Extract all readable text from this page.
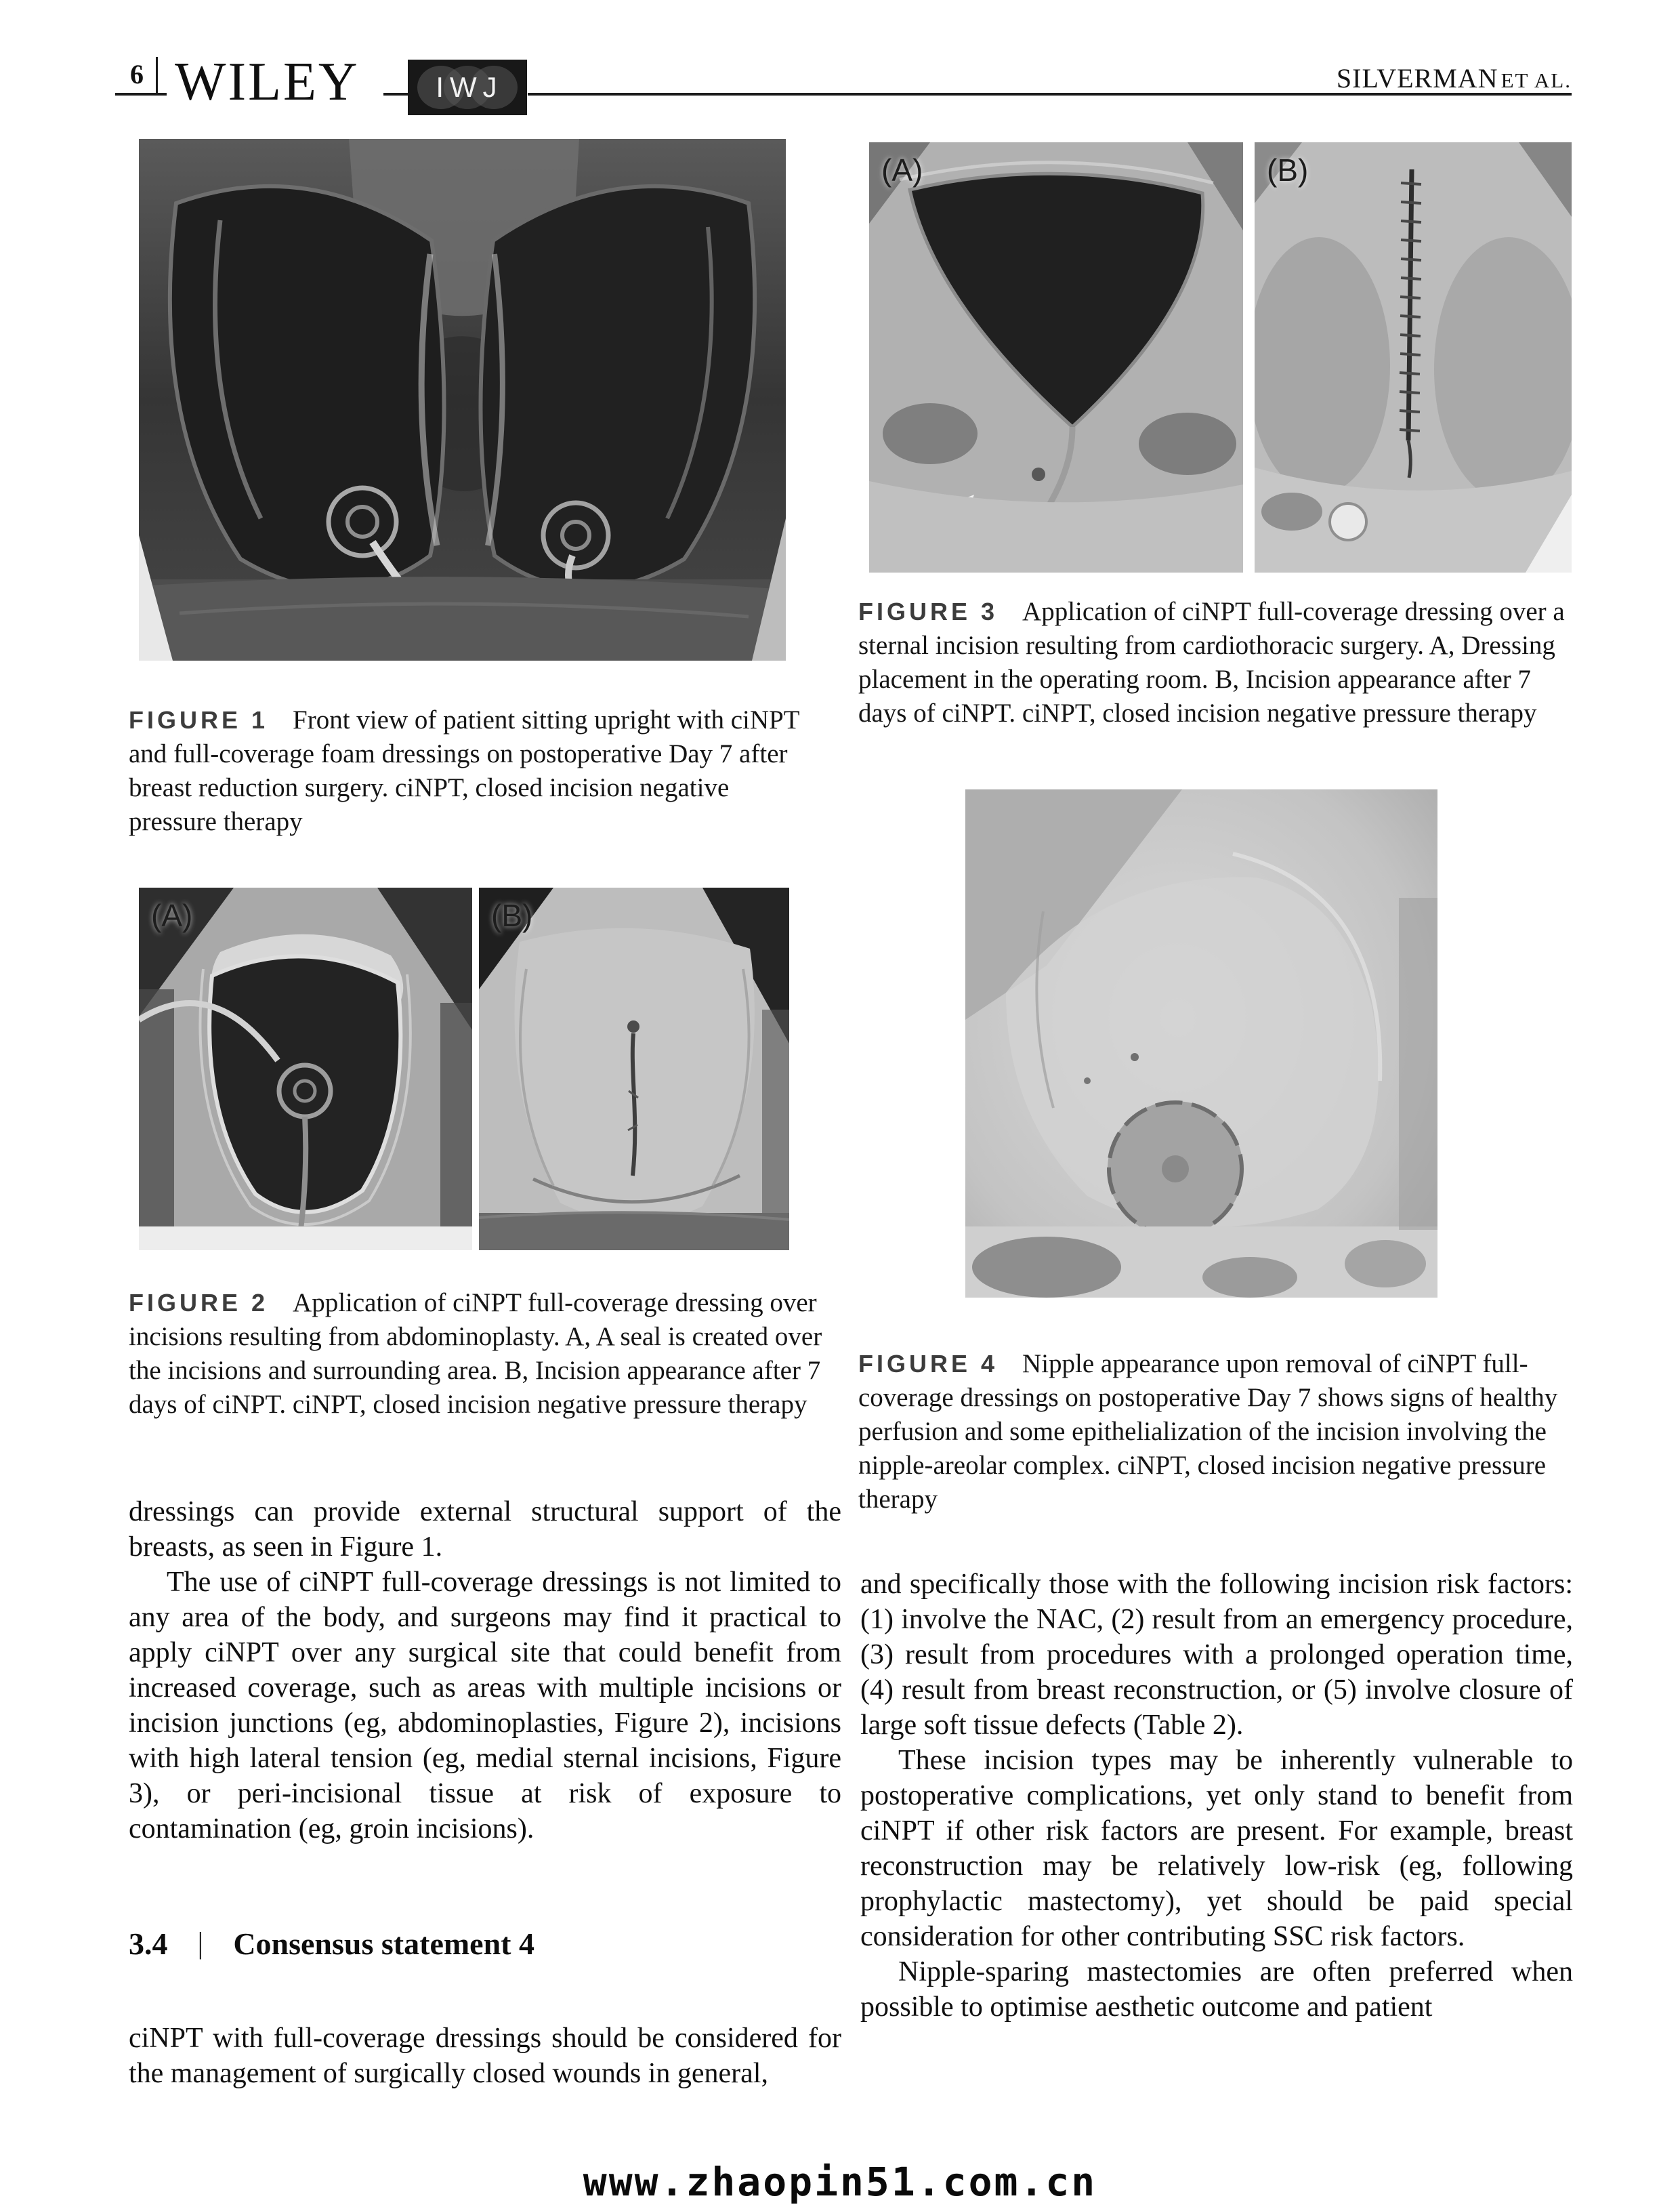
6 WILEY	IWJ	SILVERMAN ET AL.

FIGURE 1 Front view of patient sitting upright with ciNPT and full-coverage foam dressings on postoperative Day 7 after breast reduction surgery. ciNPT, closed incision negative pressure therapy

(A)	(B)

FIGURE 2 Application of ciNPT full-coverage dressing over incisions resulting from abdominoplasty. A, A seal is created over the incisions and surrounding area. B, Incision appearance after 7 days of ciNPT. ciNPT, closed incision negative pressure therapy

(A)	(B)

FIGURE 3 Application of ciNPT full-coverage dressing over a sternal incision resulting from cardiothoracic surgery. A, Dressing placement in the operating room. B, Incision appearance after 7 days of ciNPT. ciNPT, closed incision negative pressure therapy

FIGURE 4 Nipple appearance upon removal of ciNPT full-coverage dressings on postoperative Day 7 shows signs of healthy perfusion and some epithelialization of the incision involving the nipple-areolar complex. ciNPT, closed incision negative pressure therapy

dressings can provide external structural support of the breasts, as seen in Figure 1.

The use of ciNPT full-coverage dressings is not limited to any area of the body, and surgeons may find it practical to apply ciNPT over any surgical site that could benefit from increased coverage, such as areas with multiple incisions or incision junctions (eg, abdominoplasties, Figure 2), incisions with high lateral tension (eg, medial sternal incisions, Figure 3), or peri-incisional tissue at risk of exposure to contamination (eg, groin incisions).

3.4 | Consensus statement 4

ciNPT with full-coverage dressings should be considered for the management of surgically closed wounds in general,

and specifically those with the following incision risk factors: (1) involve the NAC, (2) result from an emergency procedure, (3) result from procedures with a prolonged operation time, (4) result from breast reconstruction, or (5) involve closure of large soft tissue defects (Table 2).

These incision types may be inherently vulnerable to postoperative complications, yet only stand to benefit from ciNPT if other risk factors are present. For example, breast reconstruction may be relatively low-risk (eg, following prophylactic mastectomy), yet should be paid special consideration for other contributing SSC risk factors.

Nipple-sparing mastectomies are often preferred when possible to optimise aesthetic outcome and patient

www.zhaopin51.com.cn
